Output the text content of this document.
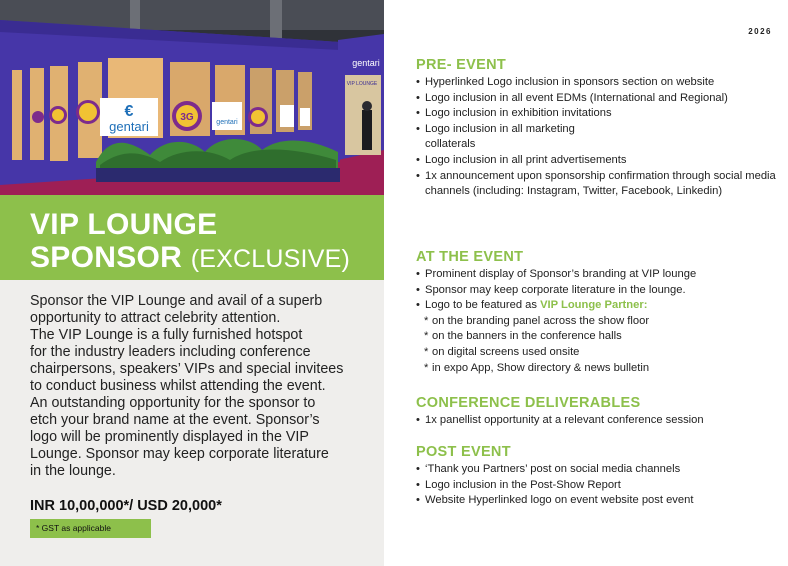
gentari
€
gentari
3G
VIP LOUNGE
gentari
VIP LOUNGE
SPONSOR (EXCLUSIVE)
Sponsor the VIP Lounge and avail of a superb
opportunity to attract celebrity attention.
The VIP Lounge is a fully furnished hotspot
for the industry leaders including conference
chairpersons, speakers’ VIPs and special invitees
to conduct business whilst attending the event.
An outstanding opportunity for the sponsor to
etch your brand name at the event. Sponsor’s
logo will be prominently displayed in the VIP
Lounge. Sponsor may keep corporate literature
in the lounge.
INR 10,00,000*/ USD 20,000*
* GST as applicable
2026
PRE- EVENT
• Hyperlinked Logo inclusion in sponsors section on website
• Logo inclusion in all event EDMs (International and Regional)
• Logo inclusion in exhibition invitations
• Logo inclusion in all marketing collaterals
• Logo inclusion in all print advertisements
• 1x announcement upon sponsorship confirmation through social media channels (including: Instagram, Twitter, Facebook, Linkedin)
AT THE EVENT
• Prominent display of Sponsor’s branding at VIP lounge
• Sponsor may keep corporate literature in the lounge.
• Logo to be featured as VIP Lounge Partner:
* on the branding panel across the show floor
* on the banners in the conference halls
* on digital screens used onsite
* in expo App, Show directory & news bulletin
CONFERENCE DELIVERABLES
• 1x panellist opportunity at a relevant conference session
POST EVENT
• ‘Thank you Partners’ post on social media channels
• Logo inclusion in the Post-Show Report
• Website Hyperlinked logo on event website post event
